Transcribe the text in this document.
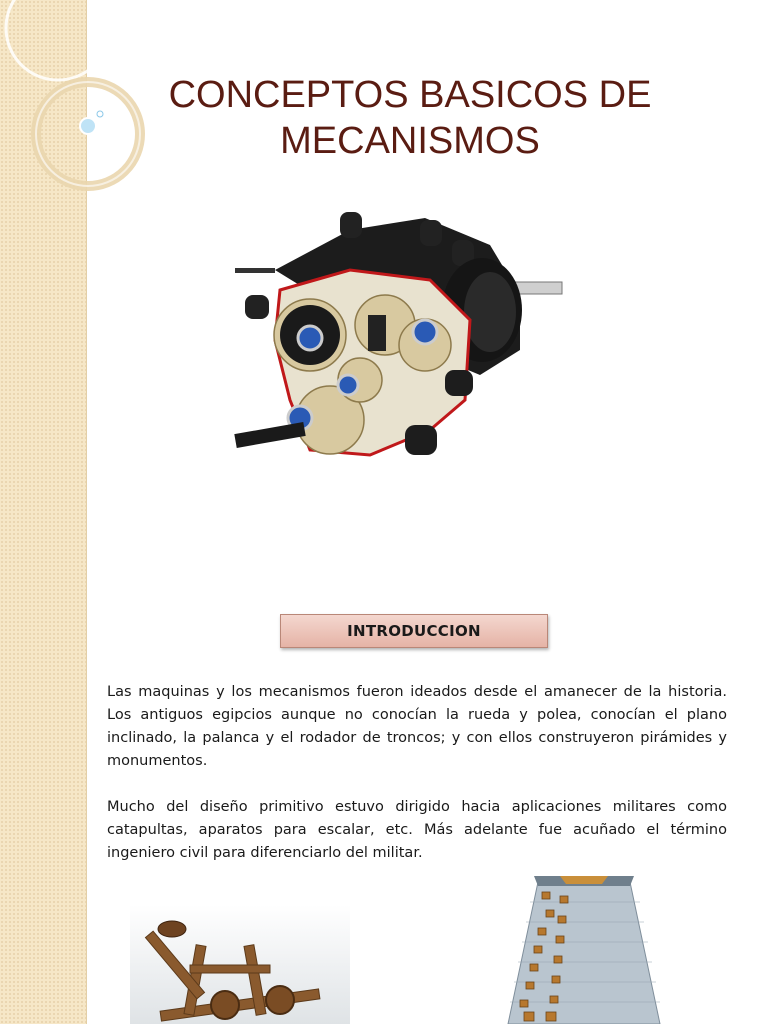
CONCEPTOS BASICOS DE
MECANISMOS
INTRODUCCION

Las maquinas y los mecanismos fueron ideados desde el amanecer de la historia. Los antiguos egipcios aunque no conocían la rueda y polea, conocían el plano inclinado, la palanca y el rodador de troncos; y con ellos construyeron pirámides y monumentos.

Mucho del diseño primitivo estuvo dirigido hacia aplicaciones militares como catapultas, aparatos para escalar, etc. Más adelante fue acuñado el término ingeniero civil para diferenciarlo del militar.
